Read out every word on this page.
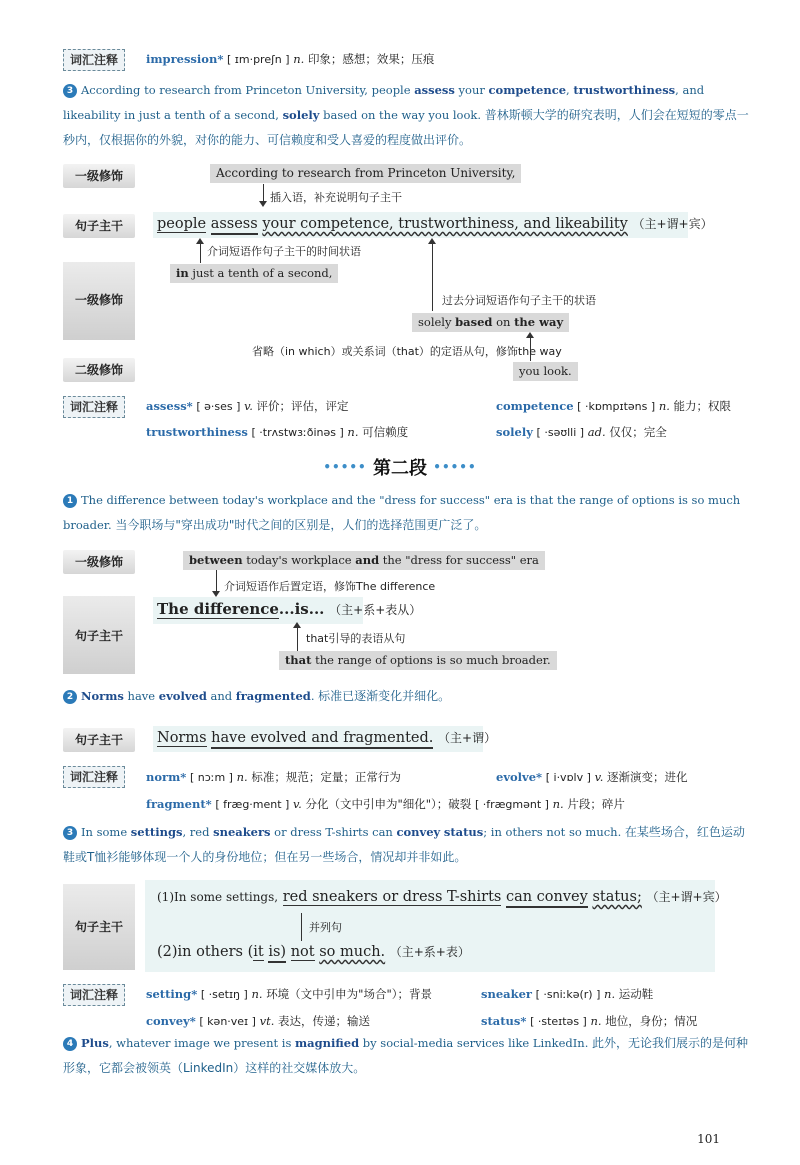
词汇注释	impression* [ ɪm·preʃn ] n. 印象；感想；效果；压痕
3 According to research from Princeton University, people assess your competence, trustworthiness, and likeability in just a tenth of a second, solely based on the way you look. 普林斯顿大学的研究表明，人们会在短短的零点一秒内，仅根据你的外貌，对你的能力、可信赖度和受人喜爱的程度做出评价。
一级修饰	According to research from Princeton University,
插入语，补充说明句子主干
句子主干	people assess your competence, trustworthiness, and likeability （主+谓+宾）
介词短语作句子主干的时间状语
一级修饰
in just a tenth of a second,
过去分词短语作句子主干的状语
solely based on the way
省略（in which）或关系词（that）的定语从句，修饰the way
二级修饰	you look.
词汇注释	assess* [ ə·ses ] v. 评价；评估，评定	competence [ ·kɒmpɪtəns ] n. 能力；权限
trustworthiness [ ·trʌstwɜːðinəs ] n. 可信赖度	solely [ ·səʊlli ] ad. 仅仅；完全
••••• 第二段 •••••
1 The difference between today's workplace and the "dress for success" era is that the range of options is so much broader. 当今职场与"穿出成功"时代之间的区别是，人们的选择范围更广泛了。
一级修饰	between today's workplace and the "dress for success" era
介词短语作后置定语，修饰The difference
句子主干
The difference...is... （主+系+表从）
that引导的表语从句
that the range of options is so much broader.
2 Norms have evolved and fragmented. 标准已逐渐变化并细化。
句子主干	Norms have evolved and fragmented. （主+谓）
词汇注释	norm* [ nɔːm ] n. 标准；规范；定量；正常行为	evolve* [ i·vɒlv ] v. 逐渐演变；进化
fragment* [ fræg·ment ] v. 分化（文中引申为"细化"）；破裂 [ ·frægmənt ] n. 片段；碎片
3 In some settings, red sneakers or dress T-shirts can convey status; in others not so much. 在某些场合，红色运动鞋或T恤衫能够体现一个人的身份地位；但在另一些场合，情况却并非如此。
句子主干
(1)In some settings, red sneakers or dress T-shirts can convey status; （主+谓+宾）
并列句
(2)in others (it is) not so much. （主+系+表）
词汇注释	setting* [ ·setɪŋ ] n. 环境（文中引申为"场合"）；背景	sneaker [ ·sniːkə(r) ] n. 运动鞋
convey* [ kən·veɪ ] vt. 表达，传递；输送	status* [ ·steɪtəs ] n. 地位，身份；情况
4 Plus, whatever image we present is magnified by social-media services like LinkedIn. 此外，无论我们展示的是何种形象，它都会被领英（LinkedIn）这样的社交媒体放大。
101
